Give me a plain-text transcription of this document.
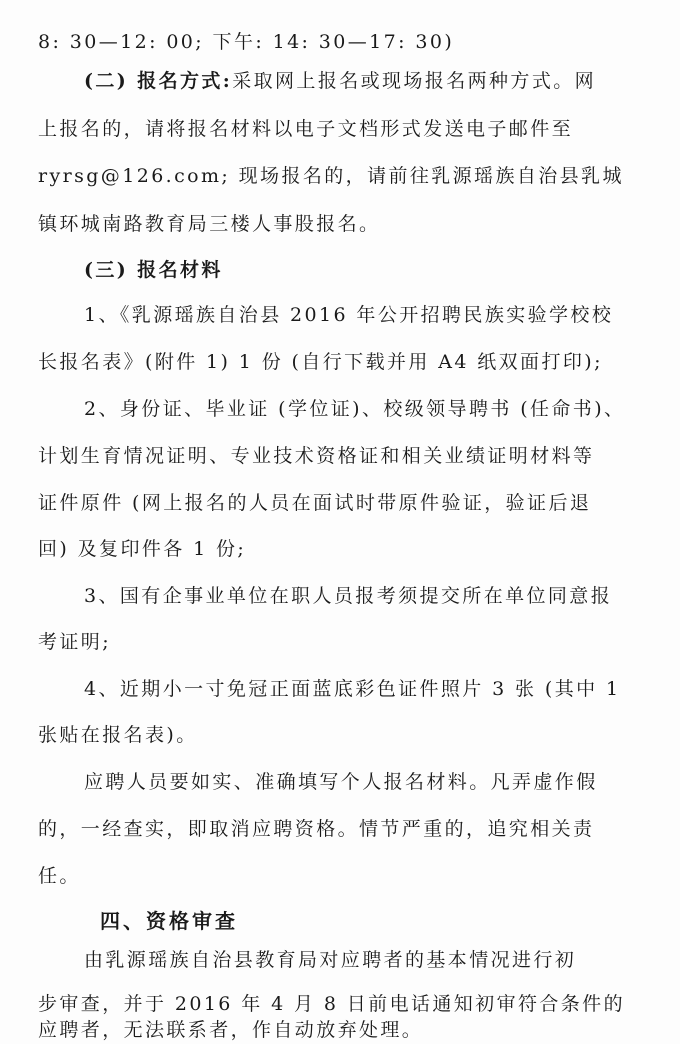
8: 30—12: 00; 下午: 14: 30—17: 30)
(二) 报名方式:采取网上报名或现场报名两种方式。网
上报名的，请将报名材料以电子文档形式发送电子邮件至
ryrsg@126.com; 现场报名的，请前往乳源瑶族自治县乳城
镇环城南路教育局三楼人事股报名。
(三) 报名材料
1、《乳源瑶族自治县 2016 年公开招聘民族实验学校校
长报名表》(附件 1) 1 份 (自行下载并用 A4 纸双面打印);
2、身份证、毕业证 (学位证)、校级领导聘书 (任命书)、
计划生育情况证明、专业技术资格证和相关业绩证明材料等
证件原件 (网上报名的人员在面试时带原件验证，验证后退
回) 及复印件各 1 份;
3、国有企事业单位在职人员报考须提交所在单位同意报
考证明;
4、近期小一寸免冠正面蓝底彩色证件照片 3 张 (其中 1
张贴在报名表)。
应聘人员要如实、准确填写个人报名材料。凡弄虚作假
的，一经查实，即取消应聘资格。情节严重的，追究相关责
任。
四、资格审查
由乳源瑶族自治县教育局对应聘者的基本情况进行初
步审查，并于 2016 年 4 月 8 日前电话通知初审符合条件的
应聘者，无法联系者，作自动放弃处理。
